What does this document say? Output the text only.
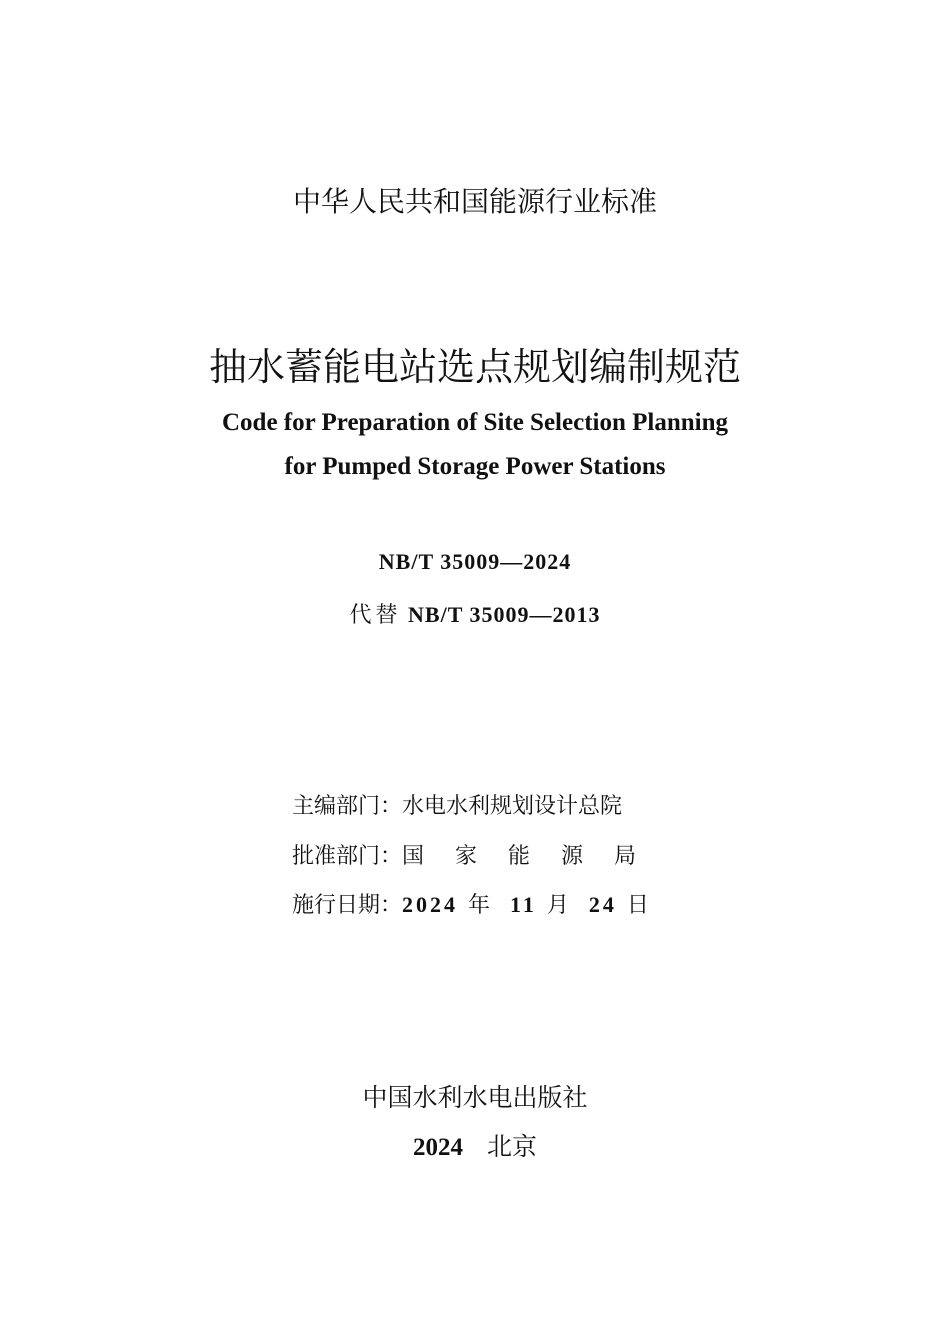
中华人民共和国能源行业标准
抽水蓄能电站选点规划编制规范
Code for Preparation of Site Selection Planning
for Pumped Storage Power Stations
NB/T 35009—2024
代替 NB/T 35009—2013
主编部门：水电水利规划设计总院
批准部门：国家能源局
施行日期：2024 年 11 月 24 日
中国水利水电出版社
2024 北京
